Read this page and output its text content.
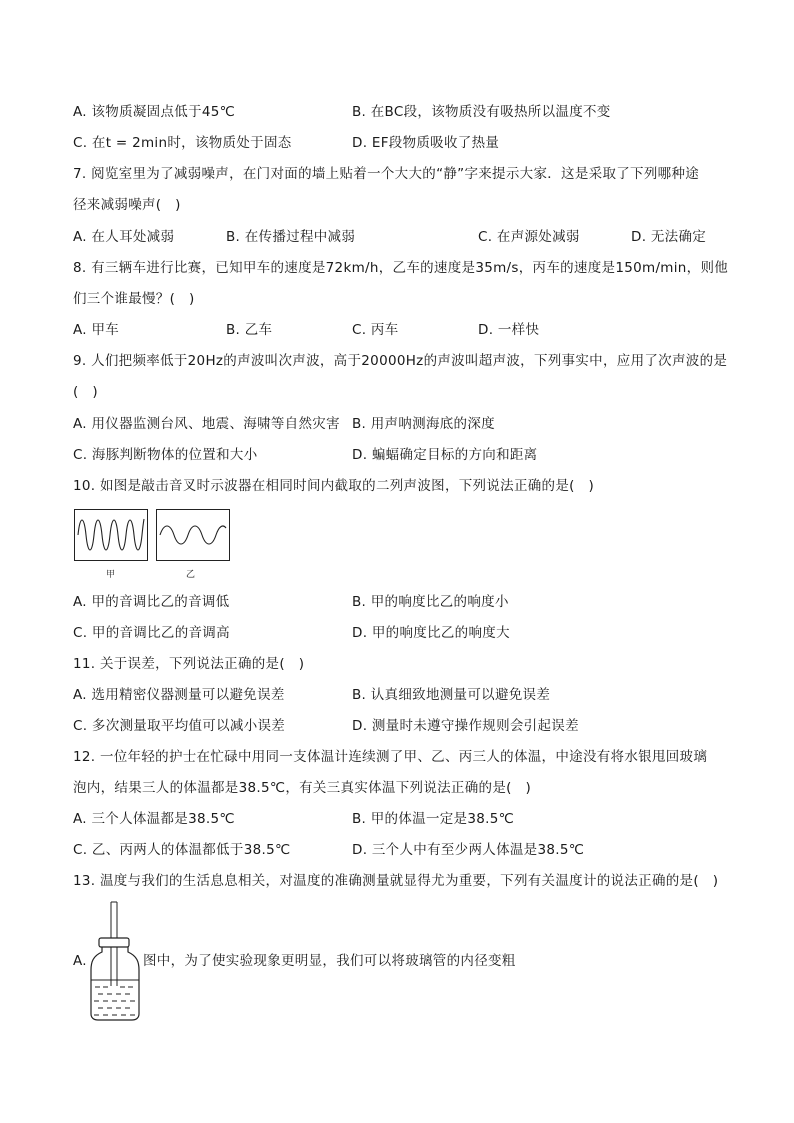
A. 该物质凝固点低于45℃	B. 在BC段，该物质没有吸热所以温度不变
C. 在t = 2min时，该物质处于固态	D. EF段物质吸收了热量
7. 阅览室里为了减弱噪声，在门对面的墙上贴着一个大大的“静”字来提示大家．这是采取了下列哪种途
径来减弱噪声(　)
A. 在人耳处减弱	B. 在传播过程中减弱	C. 在声源处减弱	D. 无法确定
8. 有三辆车进行比赛，已知甲车的速度是72km/h，乙车的速度是35m/s，丙车的速度是150m/min，则他
们三个谁最慢？(　)
A. 甲车	B. 乙车	C. 丙车	D. 一样快
9. 人们把频率低于20Hz的声波叫次声波，高于20000Hz的声波叫超声波，下列事实中，应用了次声波的是
(　)
A. 用仪器监测台风、地震、海啸等自然灾害 B. 用声呐测海底的深度
C. 海豚判断物体的位置和大小	D. 蝙蝠确定目标的方向和距离
10. 如图是敲击音叉时示波器在相同时间内截取的二列声波图，下列说法正确的是(　)
甲	乙
A. 甲的音调比乙的音调低	B. 甲的响度比乙的响度小
C. 甲的音调比乙的音调高	D. 甲的响度比乙的响度大
11. 关于误差，下列说法正确的是(　)
A. 选用精密仪器测量可以避免误差	B. 认真细致地测量可以避免误差
C. 多次测量取平均值可以减小误差	D. 测量时未遵守操作规则会引起误差
12. 一位年轻的护士在忙碌中用同一支体温计连续测了甲、乙、丙三人的体温，中途没有将水银甩回玻璃
泡内，结果三人的体温都是38.5℃，有关三真实体温下列说法正确的是(　)
A. 三个人体温都是38.5℃	B. 甲的体温一定是38.5℃
C. 乙、丙两人的体温都低于38.5℃	D. 三个人中有至少两人体温是38.5℃
13. 温度与我们的生活息息相关，对温度的准确测量就显得尤为重要，下列有关温度计的说法正确的是(　)
A.	图中，为了使实验现象更明显，我们可以将玻璃管的内径变粗
